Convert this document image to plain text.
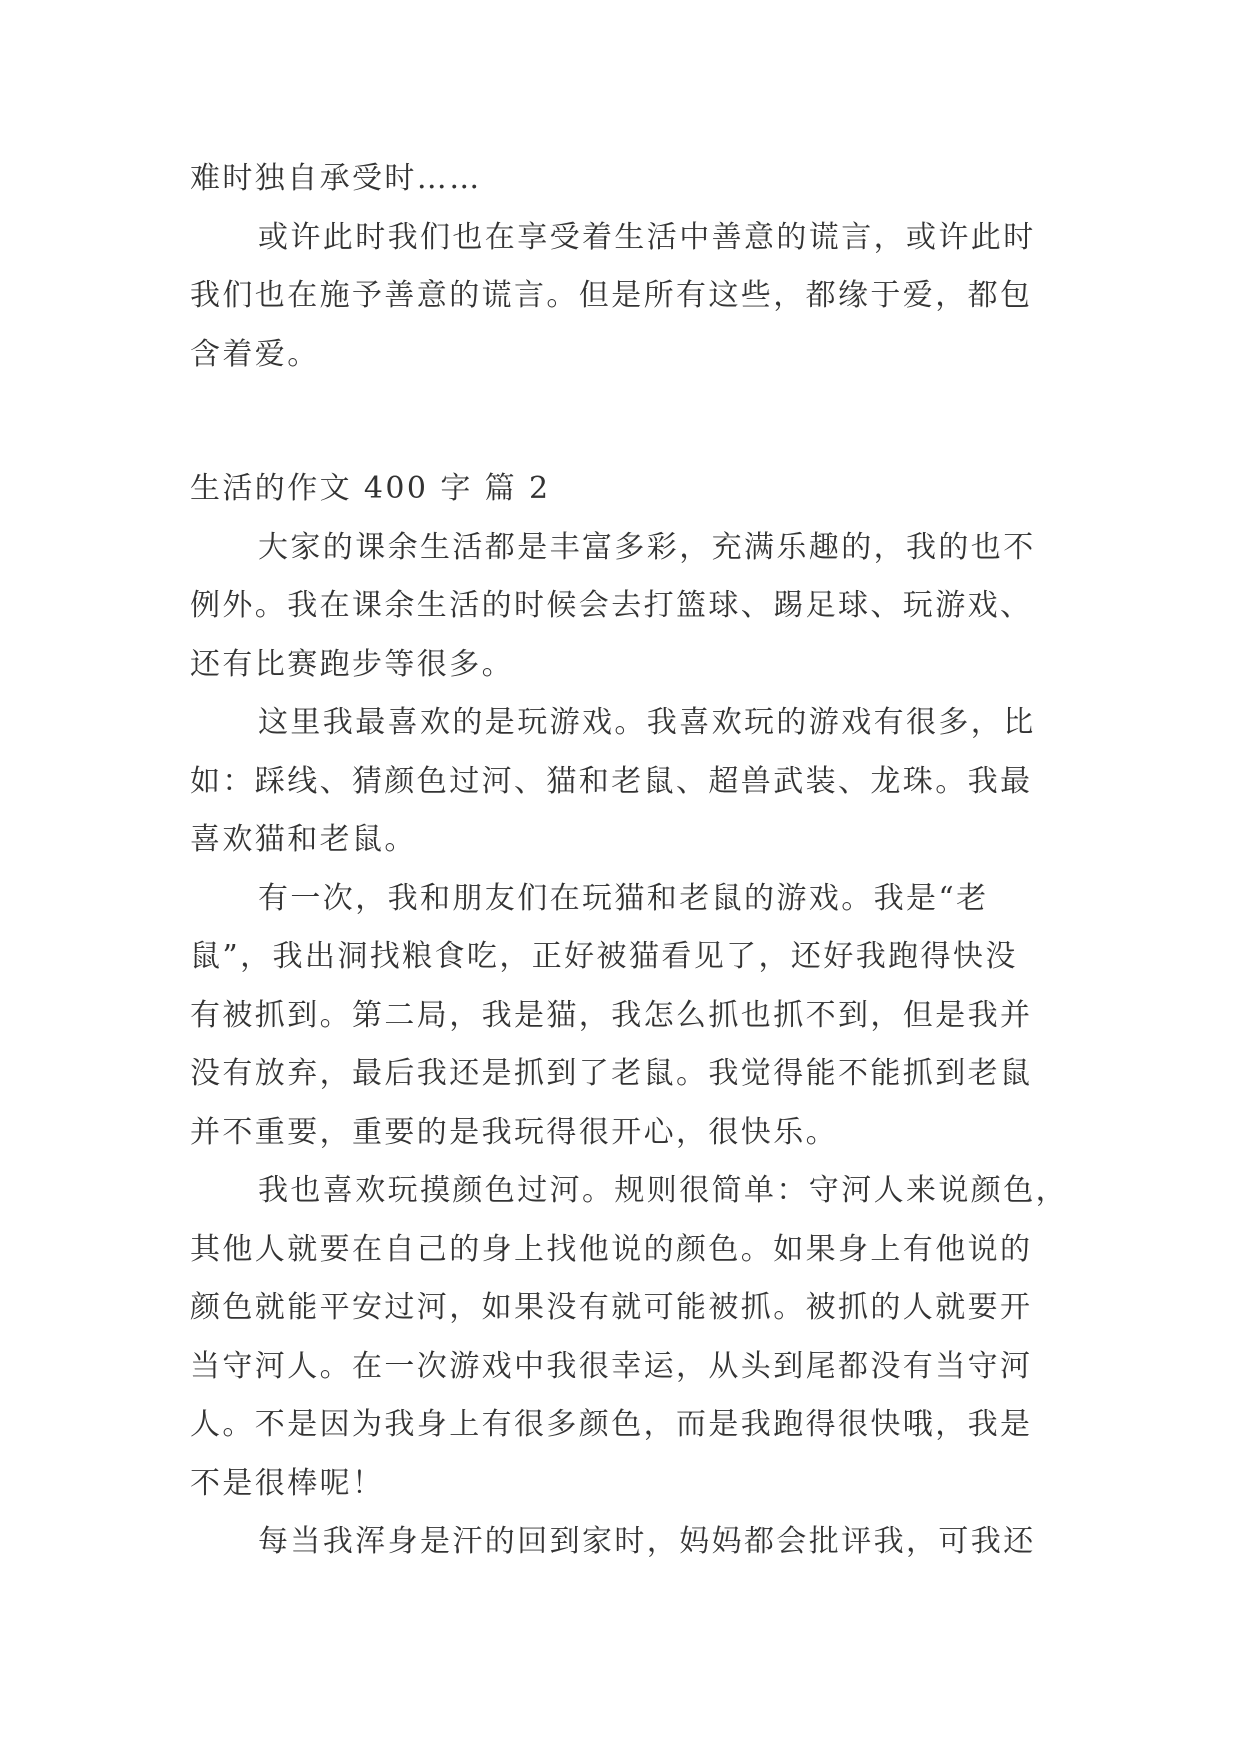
难时独自承受时……
或许此时我们也在享受着生活中善意的谎言，或许此时
我们也在施予善意的谎言。但是所有这些，都缘于爱，都包
含着爱。
生活的作文 400 字 篇 2
大家的课余生活都是丰富多彩，充满乐趣的，我的也不
例外。我在课余生活的时候会去打篮球、踢足球、玩游戏、
还有比赛跑步等很多。
这里我最喜欢的是玩游戏。我喜欢玩的游戏有很多，比
如：踩线、猜颜色过河、猫和老鼠、超兽武装、龙珠。我最
喜欢猫和老鼠。
有一次，我和朋友们在玩猫和老鼠的游戏。我是“老
鼠”，我出洞找粮食吃，正好被猫看见了，还好我跑得快没
有被抓到。第二局，我是猫，我怎么抓也抓不到，但是我并
没有放弃，最后我还是抓到了老鼠。我觉得能不能抓到老鼠
并不重要，重要的是我玩得很开心，很快乐。
我也喜欢玩摸颜色过河。规则很简单：守河人来说颜色，
其他人就要在自己的身上找他说的颜色。如果身上有他说的
颜色就能平安过河，如果没有就可能被抓。被抓的人就要开
当守河人。在一次游戏中我很幸运，从头到尾都没有当守河
人。不是因为我身上有很多颜色，而是我跑得很快哦，我是
不是很棒呢！
每当我浑身是汗的回到家时，妈妈都会批评我，可我还
